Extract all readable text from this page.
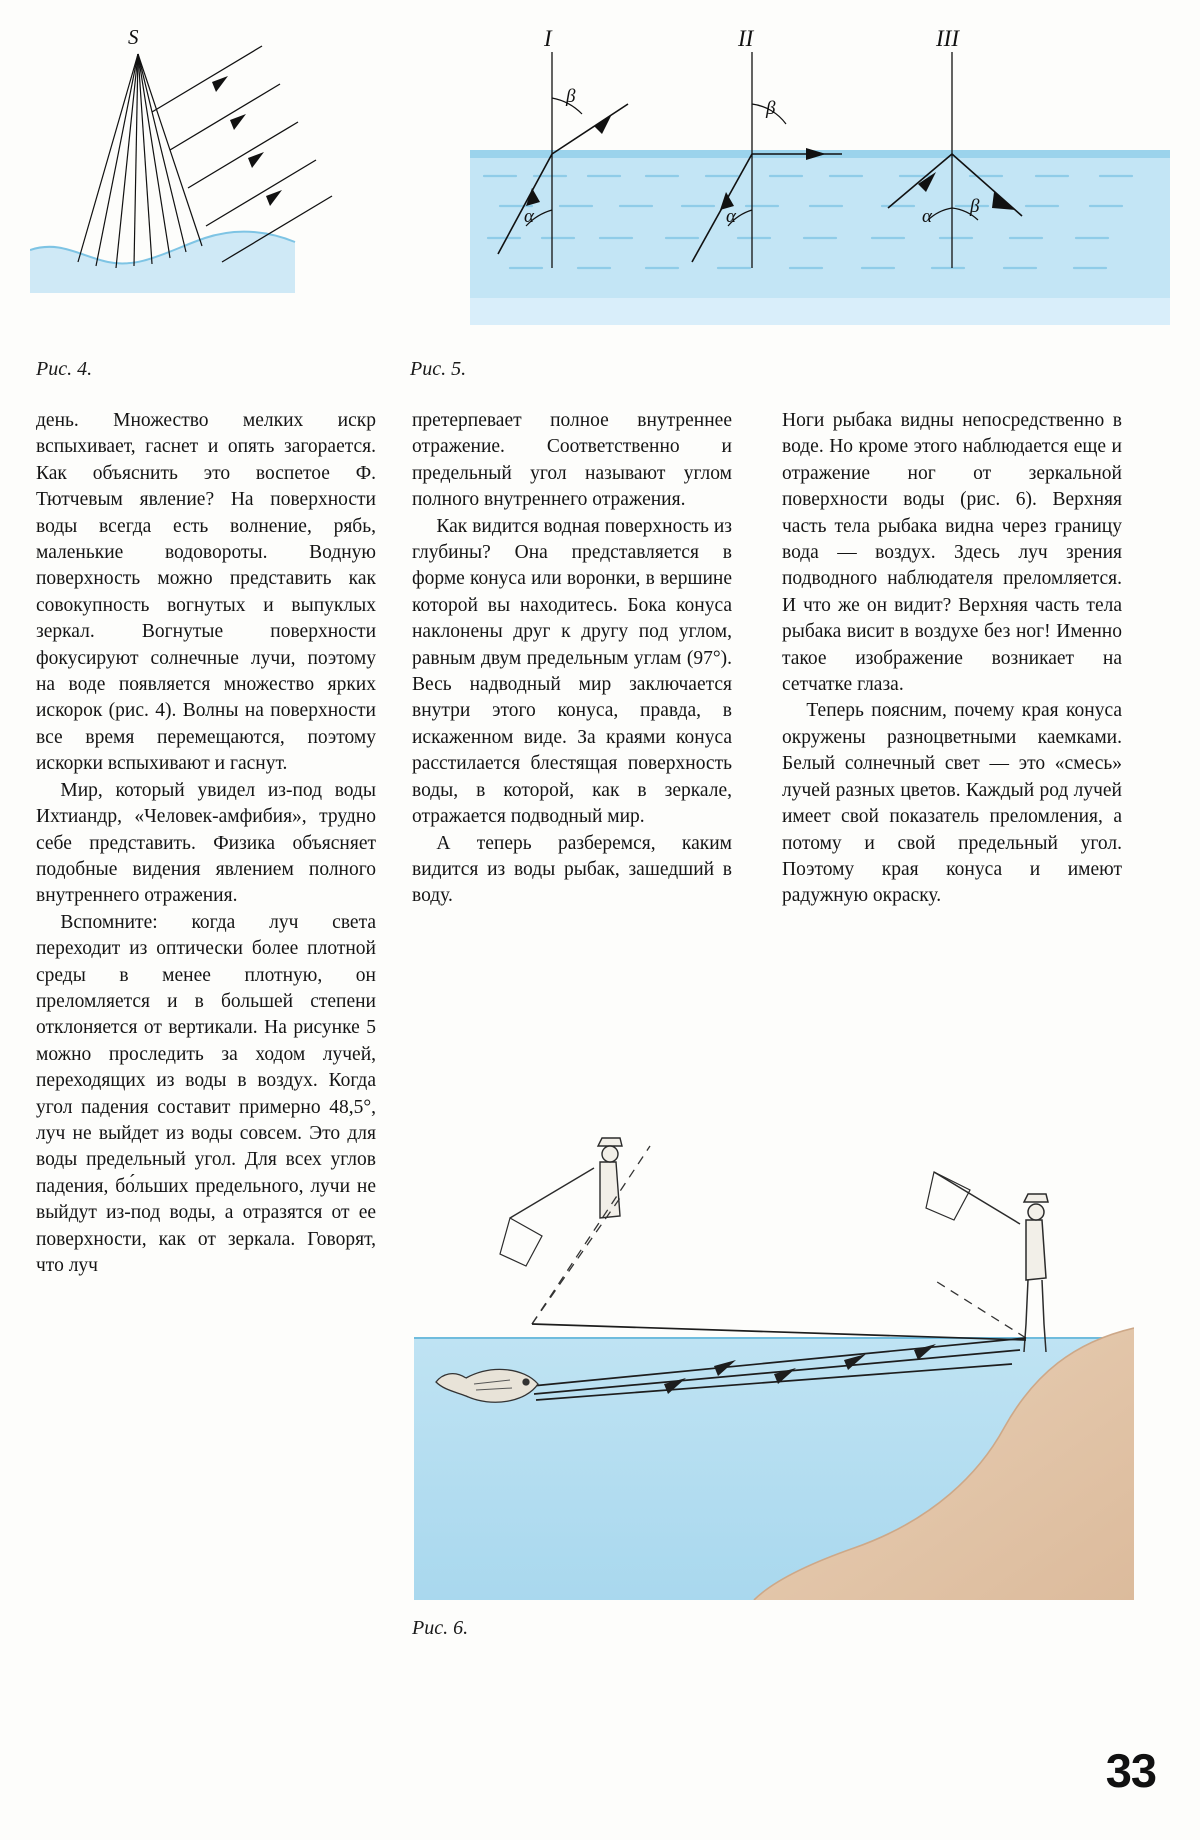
S	I	II	III
β
β
β
α	α	α
Рис. 4.	Рис. 5.
Рис. 6.

день. Множество мелких искр вспыхивает, гаснет и опять загорается. Как объяснить это воспетое Ф. Тютчевым явление? На поверхности воды всегда есть волнение, рябь, маленькие водовороты. Водную поверхность можно представить как совокупность вогнутых и выпуклых зеркал. Вогнутые поверхности фокусируют солнечные лучи, поэтому на воде появляется множество ярких искорок (рис. 4). Волны на поверхности все время перемещаются, поэтому искорки вспыхивают и гаснут.

Мир, который увидел из-под воды Ихтиандр, «Человек-амфибия», трудно себе представить. Физика объясняет подобные видения явлением полного внутреннего отражения.

Вспомните: когда луч света переходит из оптически более плотной среды в менее плотную, он преломляется и в большей степени отклоняется от вертикали. На рисунке 5 можно проследить за ходом лучей, переходящих из воды в воздух. Когда угол падения составит примерно 48,5°, луч не выйдет из воды совсем. Это для воды предельный угол. Для всех углов падения, бо́льших предельного, лучи не выйдут из-под воды, а отразятся от ее поверхности, как от зеркала. Говорят, что луч

претерпевает полное внутреннее отражение. Соответственно и предельный угол называют углом полного внутреннего отражения.

Как видится водная поверхность из глубины? Она представляется в форме конуса или воронки, в вершине которой вы находитесь. Бока конуса наклонены друг к другу под углом, равным двум предельным углам (97°). Весь надводный мир заключается внутри этого конуса, правда, в искаженном виде. За краями конуса расстилается блестящая поверхность воды, в которой, как в зеркале, отражается подводный мир.

А теперь разберемся, каким видится из воды рыбак, зашедший в воду.

Ноги рыбака видны непосредственно в воде. Но кроме этого наблюдается еще и отражение ног от зеркальной поверхности воды (рис. 6). Верхняя часть тела рыбака видна через границу вода — воздух. Здесь луч зрения подводного наблюдателя преломляется. И что же он видит? Верхняя часть тела рыбака висит в воздухе без ног! Именно такое изображение возникает на сетчатке глаза.

Теперь поясним, почему края конуса окружены разноцветными каемками. Белый солнечный свет — это «смесь» лучей разных цветов. Каждый род лучей имеет свой показатель преломления, а потому и свой предельный угол. Поэтому края конуса и имеют радужную окраску.

33
